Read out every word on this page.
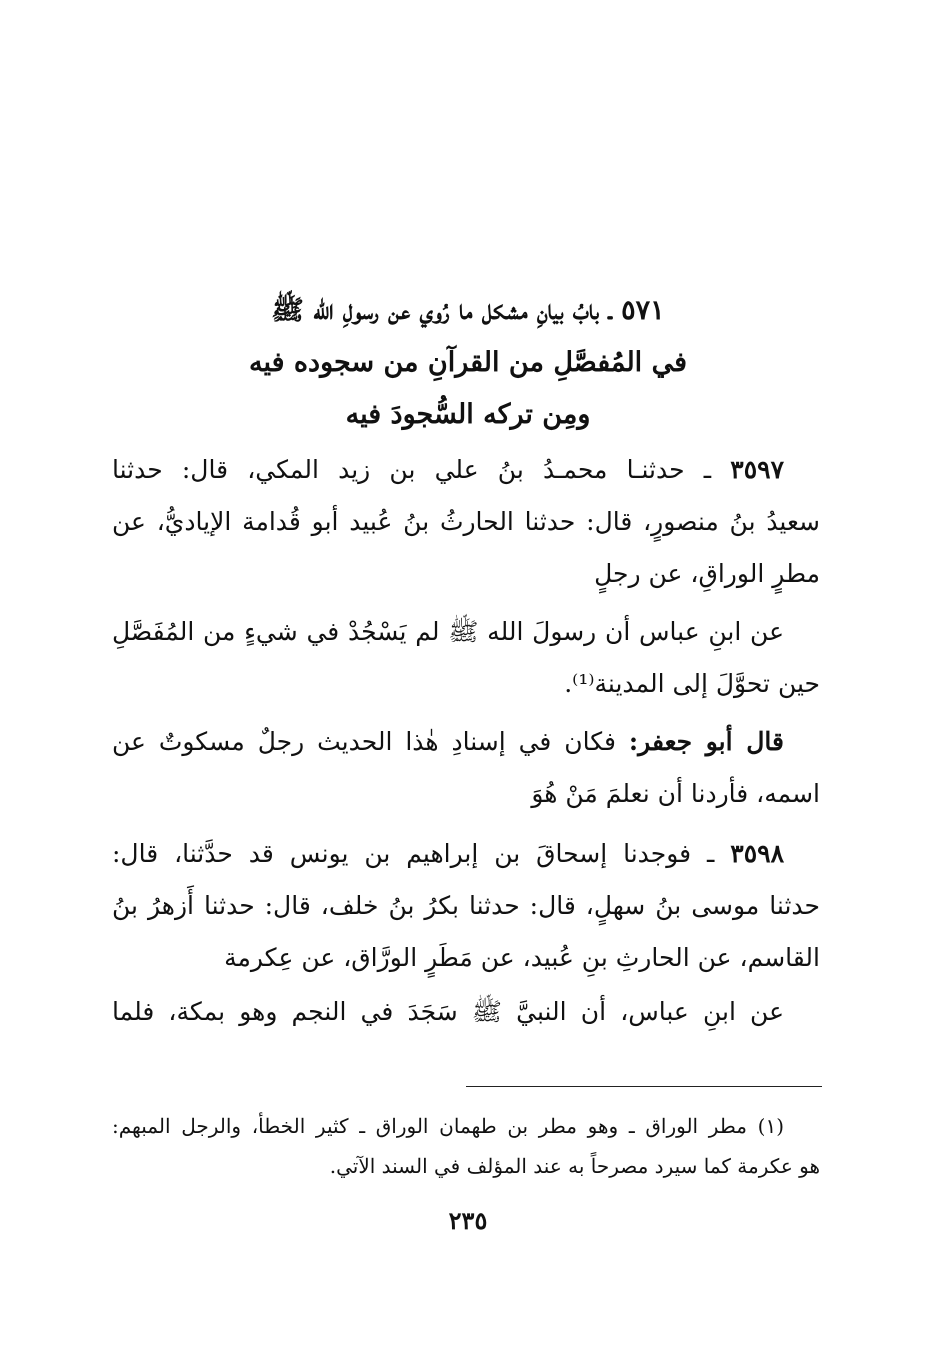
٥٧١ ـ بابُ بيانِ مشكل ما رُوي عن رسولِ الله ﷺ
في المُفصَّلِ من القرآنِ من سجوده فيه
ومِن تركه السُّجودَ فيه
٣٥٩٧ ـ حدثنـا محمـدُ بنُ علي بن زيد المكي، قال: حدثنا
سعيدُ بنُ منصورٍ، قال: حدثنا الحارثُ بنُ عُبيد أبو قُدامة الإياديُّ، عن
مطرٍ الوراقِ، عن رجلٍ
عن ابنِ عباس أن رسولَ الله ﷺ لم يَسْجُدْ في شيءٍ من المُفَصَّلِ
حين تحوَّلَ إلى المدينة⁽¹⁾.
قال أبو جعفر: فكان في إسنادِ هٰذا الحديث رجلٌ مسكوتٌ عن
اسمه، فأردنا أن نعلمَ مَنْ هُوَ
٣٥٩٨ ـ فوجدنا إسحاقَ بن إبراهيم بن يونس قد حدَّثنا، قال:
حدثنا موسى بنُ سهلٍ، قال: حدثنا بكرُ بنُ خلف، قال: حدثنا أَزهرُ بنُ
القاسم، عن الحارثِ بنِ عُبيد، عن مَطَرٍ الورَّاق، عن عِكرمة
عن ابنِ عباس، أن النبيَّ ﷺ سَجَدَ في النجم وهو بمكة، فلما
(١) مطر الوراق ـ وهو مطر بن طهمان الوراق ـ كثير الخطأ، والرجل المبهم:
هو عكرمة كما سيرد مصرحاً به عند المؤلف في السند الآتي.
٢٣٥
